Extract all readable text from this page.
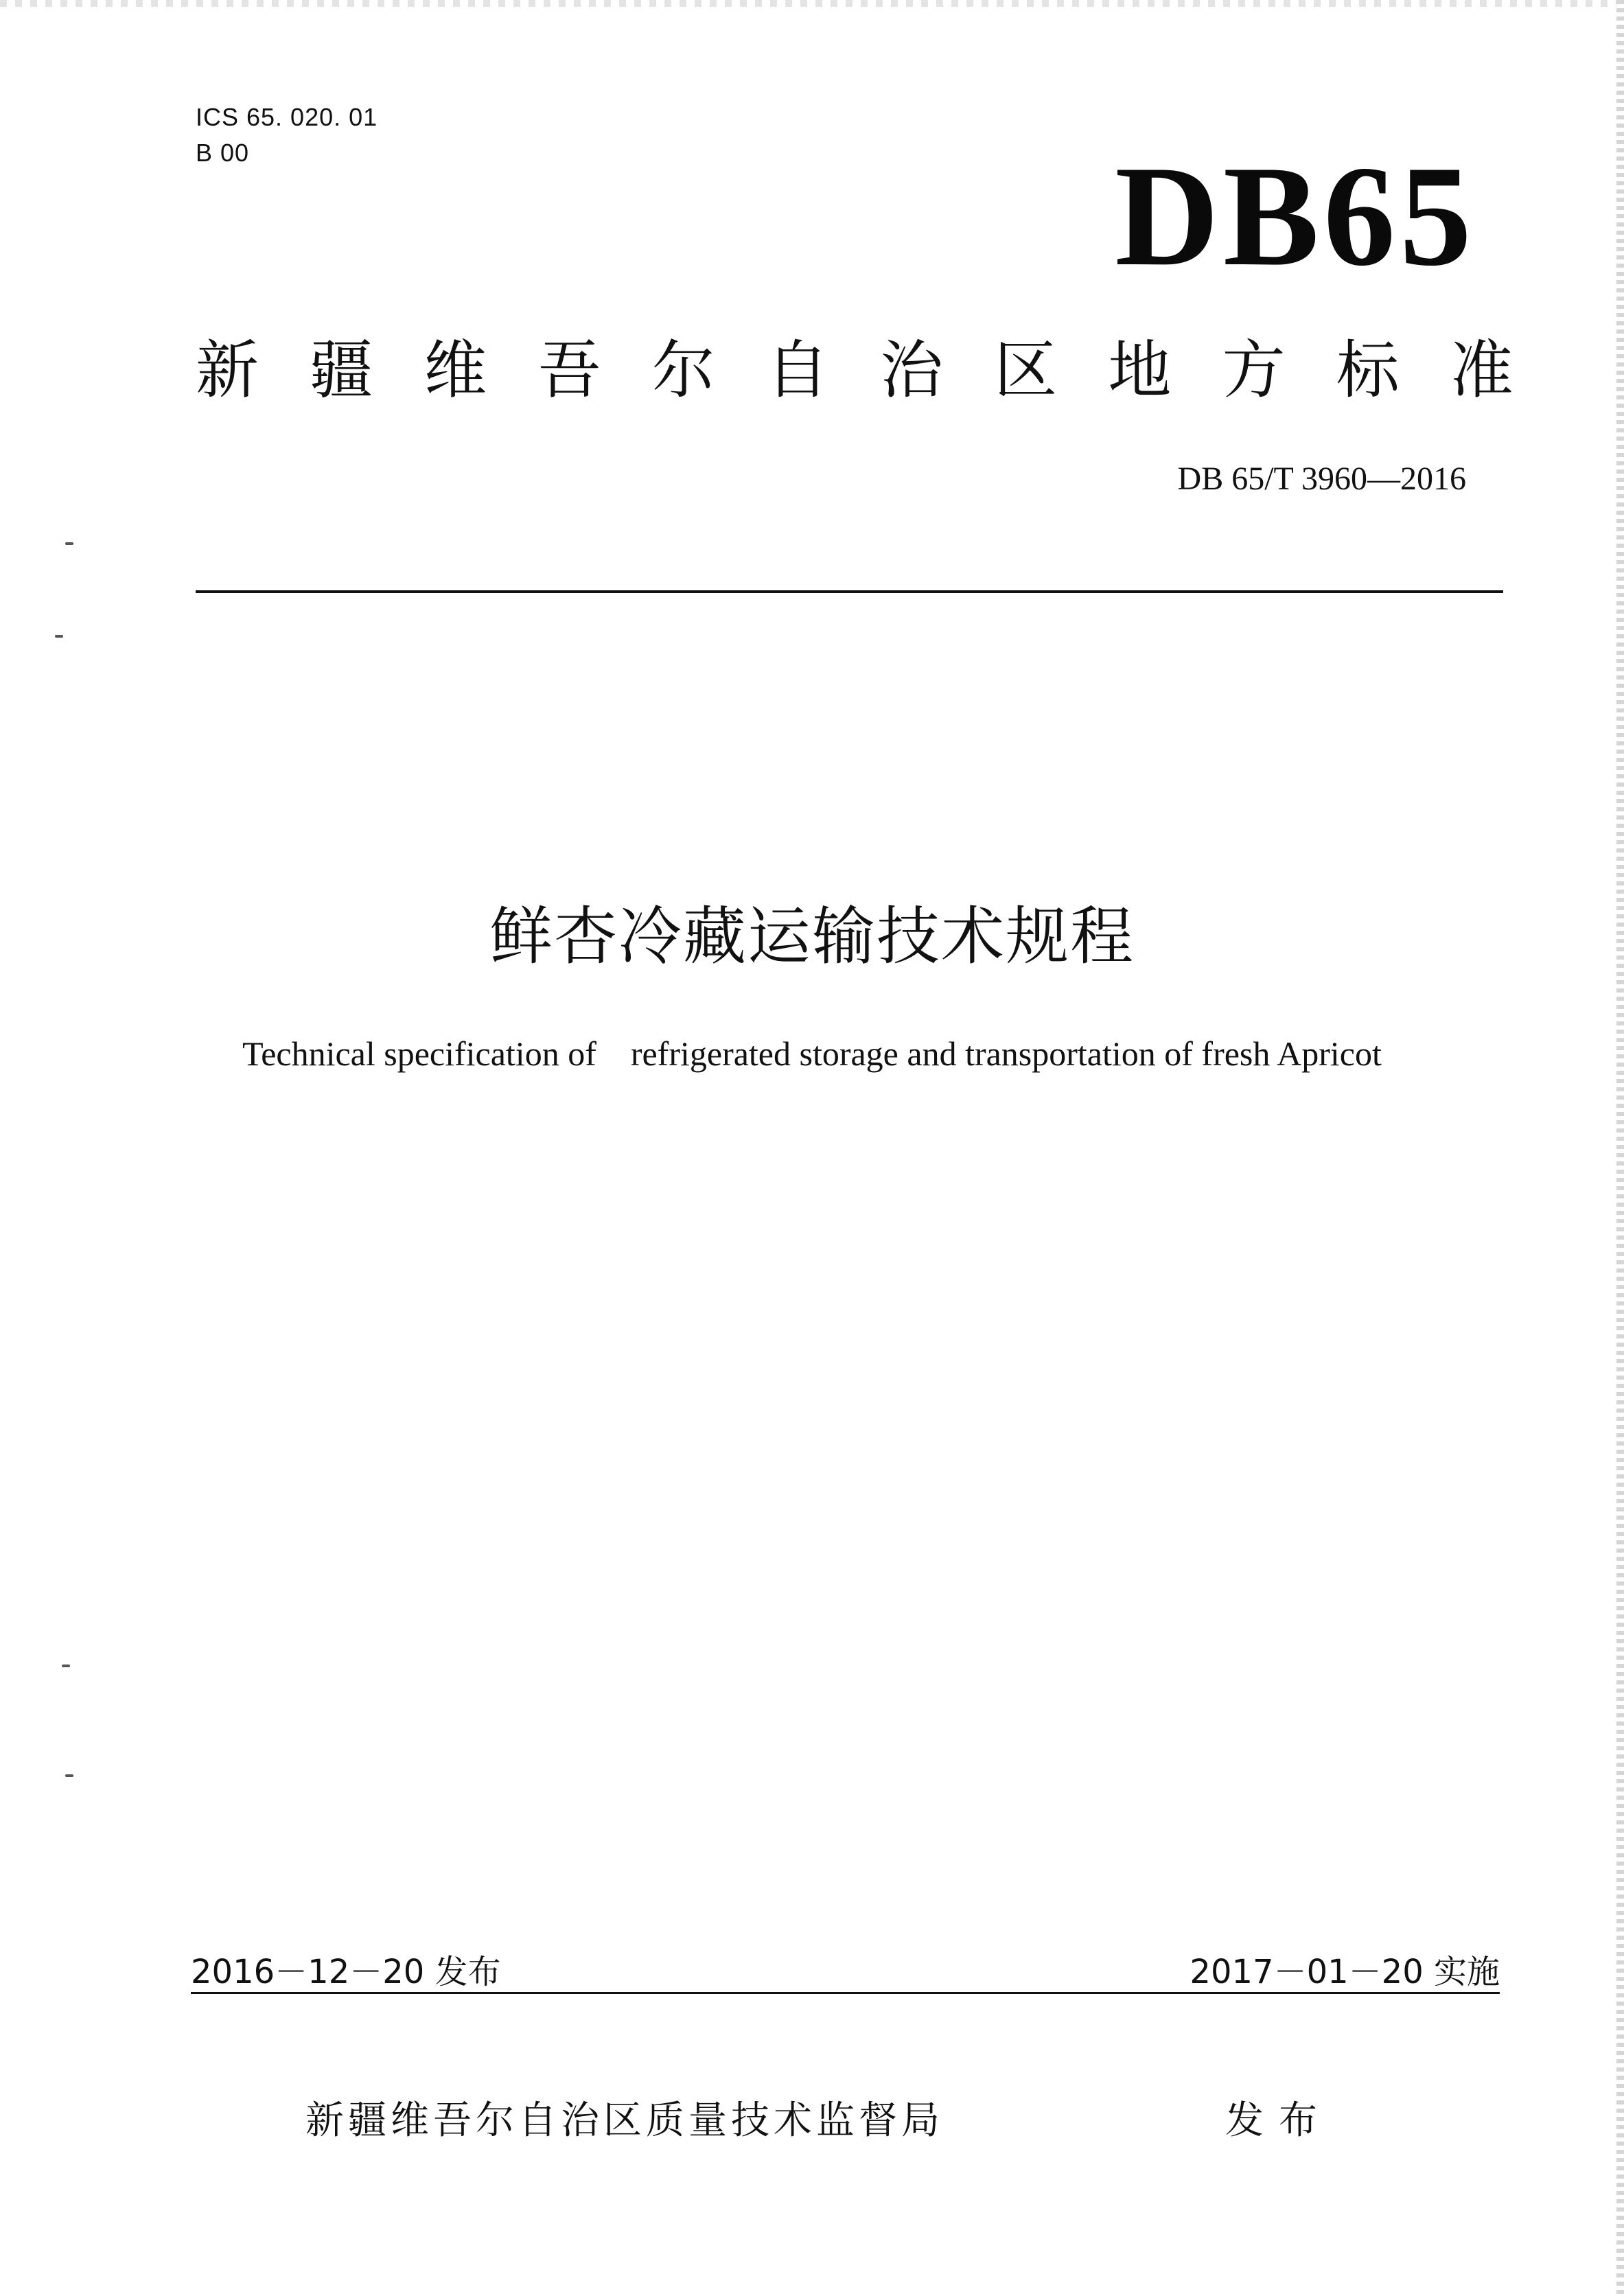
ICS 65. 020. 01
B 00	DB65
新 疆 维 吾 尔 自 治 区 地 方 标 准
DB 65/T 3960—2016
鲜杏冷藏运输技术规程
Technical specification of    refrigerated storage and transportation of fresh Apricot
2016－12－20 发布	2017－01－20 实施
新疆维吾尔自治区质量技术监督局	发布
